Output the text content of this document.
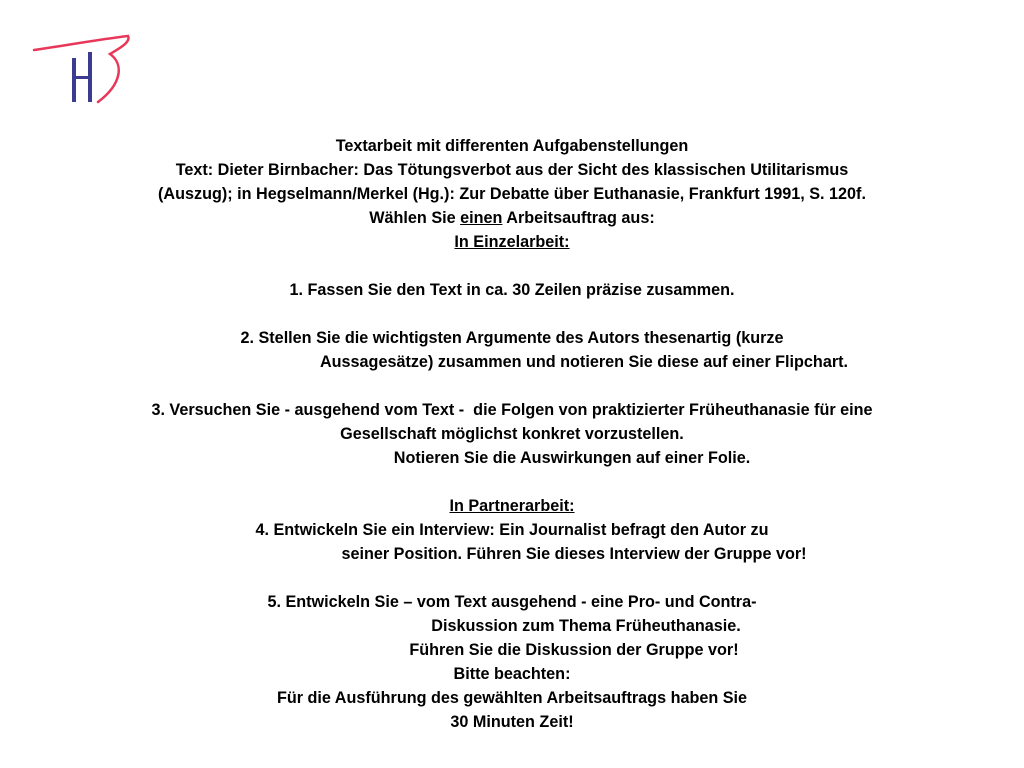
Textarbeit mit differenten Aufgabenstellungen
Text: Dieter Birnbacher: Das Tötungsverbot aus der Sicht des klassischen Utilitarismus
(Auszug); in Hegselmann/Merkel (Hg.): Zur Debatte über Euthanasie, Frankfurt 1991, S. 120f.
Wählen Sie einen Arbeitsauftrag aus:
In Einzelarbeit:
1. Fassen Sie den Text in ca. 30 Zeilen präzise zusammen.
2. Stellen Sie die wichtigsten Argumente des Autors thesenartig (kurze
Aussagesätze) zusammen und notieren Sie diese auf einer Flipchart.
3. Versuchen Sie - ausgehend vom Text -  die Folgen von praktizierter Früheuthanasie für eine
Gesellschaft möglichst konkret vorzustellen.
Notieren Sie die Auswirkungen auf einer Folie.
In Partnerarbeit:
4. Entwickeln Sie ein Interview: Ein Journalist befragt den Autor zu
seiner Position. Führen Sie dieses Interview der Gruppe vor!
5. Entwickeln Sie – vom Text ausgehend - eine Pro- und Contra-
Diskussion zum Thema Früheuthanasie.
Führen Sie die Diskussion der Gruppe vor!
Bitte beachten:
Für die Ausführung des gewählten Arbeitsauftrags haben Sie
30 Minuten Zeit!
